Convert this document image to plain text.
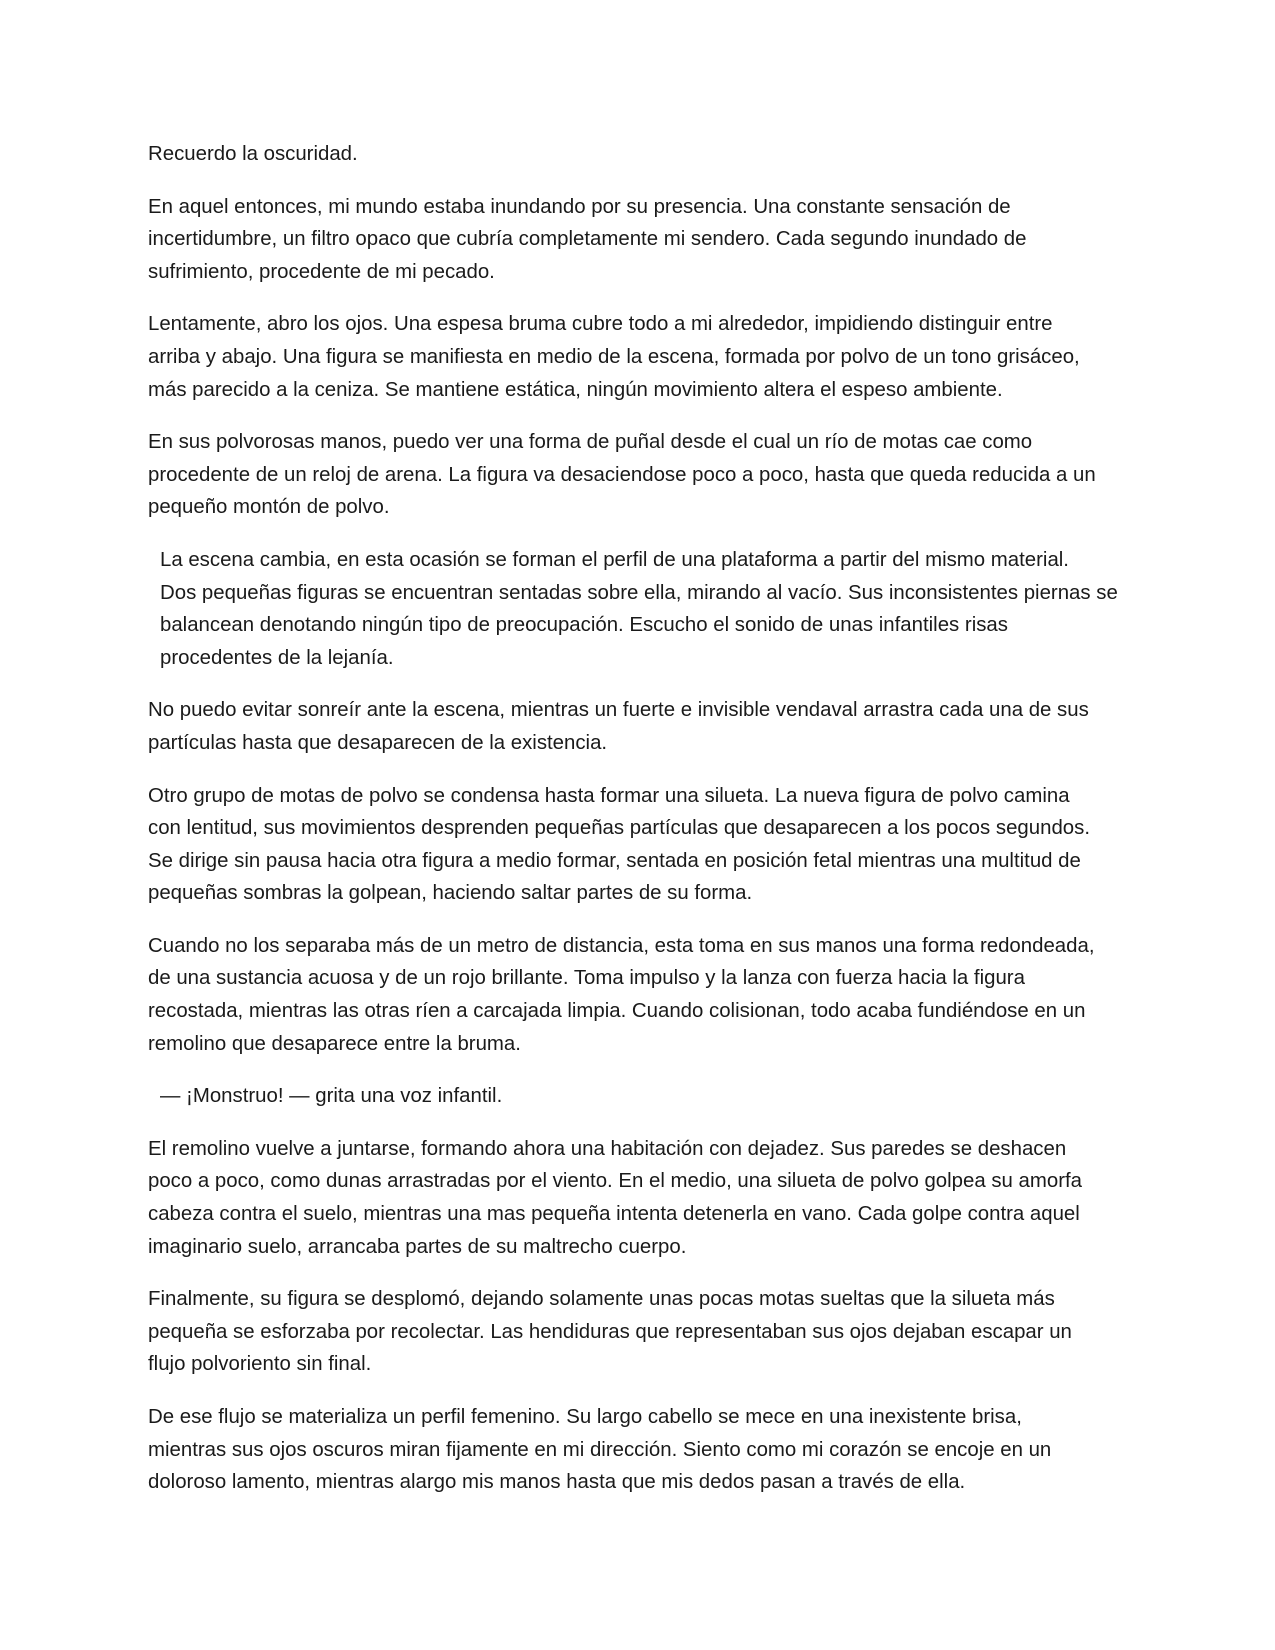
Recuerdo la oscuridad.

En aquel entonces, mi mundo estaba inundando por su presencia. Una constante sensación de
incertidumbre, un filtro opaco que cubría completamente mi sendero. Cada segundo inundado de
sufrimiento, procedente de mi pecado.

Lentamente, abro los ojos. Una espesa bruma cubre todo a mi alrededor, impidiendo distinguir entre
arriba y abajo. Una figura se manifiesta en medio de la escena, formada por polvo de un tono grisáceo,
más parecido a la ceniza. Se mantiene estática, ningún movimiento altera el espeso ambiente.

En sus polvorosas manos, puedo ver una forma de puñal desde el cual un río de motas cae como
procedente de un reloj de arena. La figura va desaciendose poco a poco, hasta que queda reducida a un
pequeño montón de polvo.

La escena cambia, en esta ocasión se forman el perfil de una plataforma a partir del mismo material.
Dos pequeñas figuras se encuentran sentadas sobre ella, mirando al vacío. Sus inconsistentes piernas se
balancean denotando ningún tipo de preocupación. Escucho el sonido de unas infantiles risas
procedentes de la lejanía.

No puedo evitar sonreír ante la escena, mientras un fuerte e invisible vendaval arrastra cada una de sus
partículas hasta que desaparecen de la existencia.

Otro grupo de motas de polvo se condensa hasta formar una silueta. La nueva figura de polvo camina
con lentitud, sus movimientos desprenden pequeñas partículas que desaparecen a los pocos segundos.
Se dirige sin pausa hacia otra figura a medio formar, sentada en posición fetal mientras una multitud de
pequeñas sombras la golpean, haciendo saltar partes de su forma.

Cuando no los separaba más de un metro de distancia, esta toma en sus manos una forma redondeada,
de una sustancia acuosa y de un rojo brillante. Toma impulso y la lanza con fuerza hacia la figura
recostada, mientras las otras ríen a carcajada limpia. Cuando colisionan, todo acaba fundiéndose en un
remolino que desaparece entre la bruma.

— ¡Monstruo! — grita una voz infantil.

El remolino vuelve a juntarse, formando ahora una habitación con dejadez. Sus paredes se deshacen
poco a poco, como dunas arrastradas por el viento. En el medio, una silueta de polvo golpea su amorfa
cabeza contra el suelo, mientras una mas pequeña intenta detenerla en vano. Cada golpe contra aquel
imaginario suelo, arrancaba partes de su maltrecho cuerpo.

Finalmente, su figura se desplomó, dejando solamente unas pocas motas sueltas que la silueta más
pequeña se esforzaba por recolectar. Las hendiduras que representaban sus ojos dejaban escapar un
flujo polvoriento sin final.

De ese flujo se materializa un perfil femenino. Su largo cabello se mece en una inexistente brisa,
mientras sus ojos oscuros miran fijamente en mi dirección. Siento como mi corazón se encoje en un
doloroso lamento, mientras alargo mis manos hasta que mis dedos pasan a través de ella.
